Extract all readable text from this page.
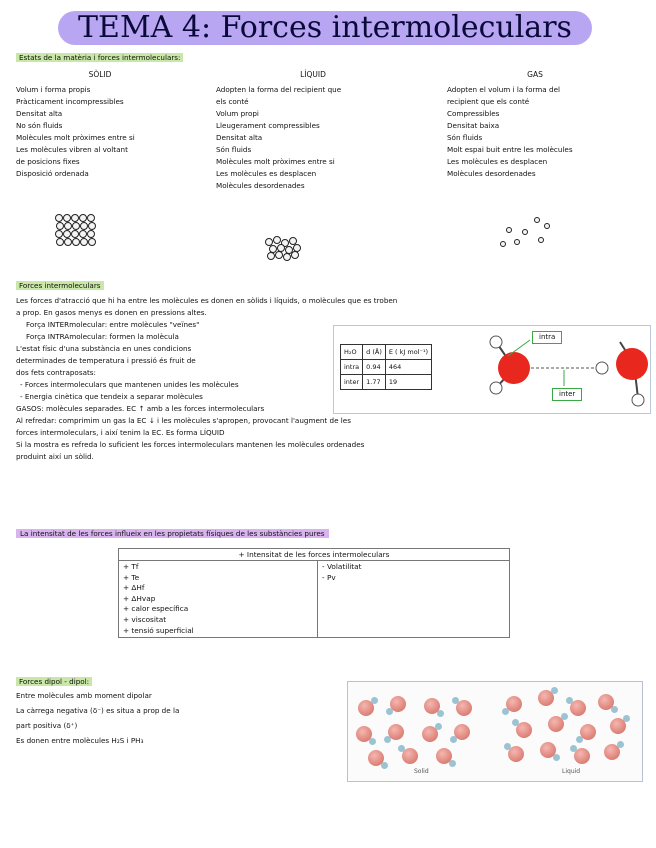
TEMA 4: Forces intermoleculars
Estats de la matèria i forces intermoleculars:
SÒLID	LÍQUID	GAS
Volum i forma propis
Pràcticament incompressibles
Densitat alta
No són fluids
Molècules molt pròximes entre si
Les molècules vibren al voltant
de posicions fixes
Disposició ordenada
Adopten la forma del recipient que
els conté
Volum propi
Lleugerament compressibles
Densitat alta
Són fluids
Molècules molt pròximes entre si
Les molècules es desplacen
Molècules desordenades
Adopten el volum i la forma del
recipient que els conté
Compressibles
Densitat baixa
Són fluids
Molt espai buit entre les molècules
Les molècules es desplacen
Molècules desordenades
Forces intermoleculars
Les forces d'atracció que hi ha entre les molècules es donen en sòlids i líquids, o molècules que es troben
a prop. En gasos menys es donen en pressions altes.
Força INTERmolecular: entre molècules "veïnes"
Força INTRAmolecular: formen la molècula
L'estat físic d'una substància en unes condicions
determinades de temperatura i pressió és fruit de
dos fets contraposats:
- Forces intermoleculars que mantenen unides les molècules
- Energia cinètica que tendeix a separar molècules
GASOS: molècules separades. EC ↑ amb a les forces intermoleculars
Al refredar: comprimim un gas la EC ↓ i les molècules s'apropen, provocant l'augment de les
forces intermoleculars, i així tenim la EC. Es forma LÍQUID
Si la mostra es refreda lo suficient les forces intermoleculars mantenen les molècules ordenades
produint així un sòlid.
H₂O	d (Å)	E ( kJ mol⁻¹)
intra	0.94	464
inter	1.77	19
intra
inter
La intensitat de les forces influeix en les propietats físiques de les substàncies pures
+ Intensitat de les forces intermoleculars

+ Tf
+ Te
+ ΔHf
+ ΔHvap
+ calor específica
+ viscositat
+ tensió superficial

- Volatilitat
- Pv
Forces dipol - dipol:
Entre molècules amb moment dipolar
La càrrega negativa (δ⁻) es situa a prop de la
part positiva (δ⁺)
Es donen entre molècules H₂S i PH₃
Solid	Liquid
